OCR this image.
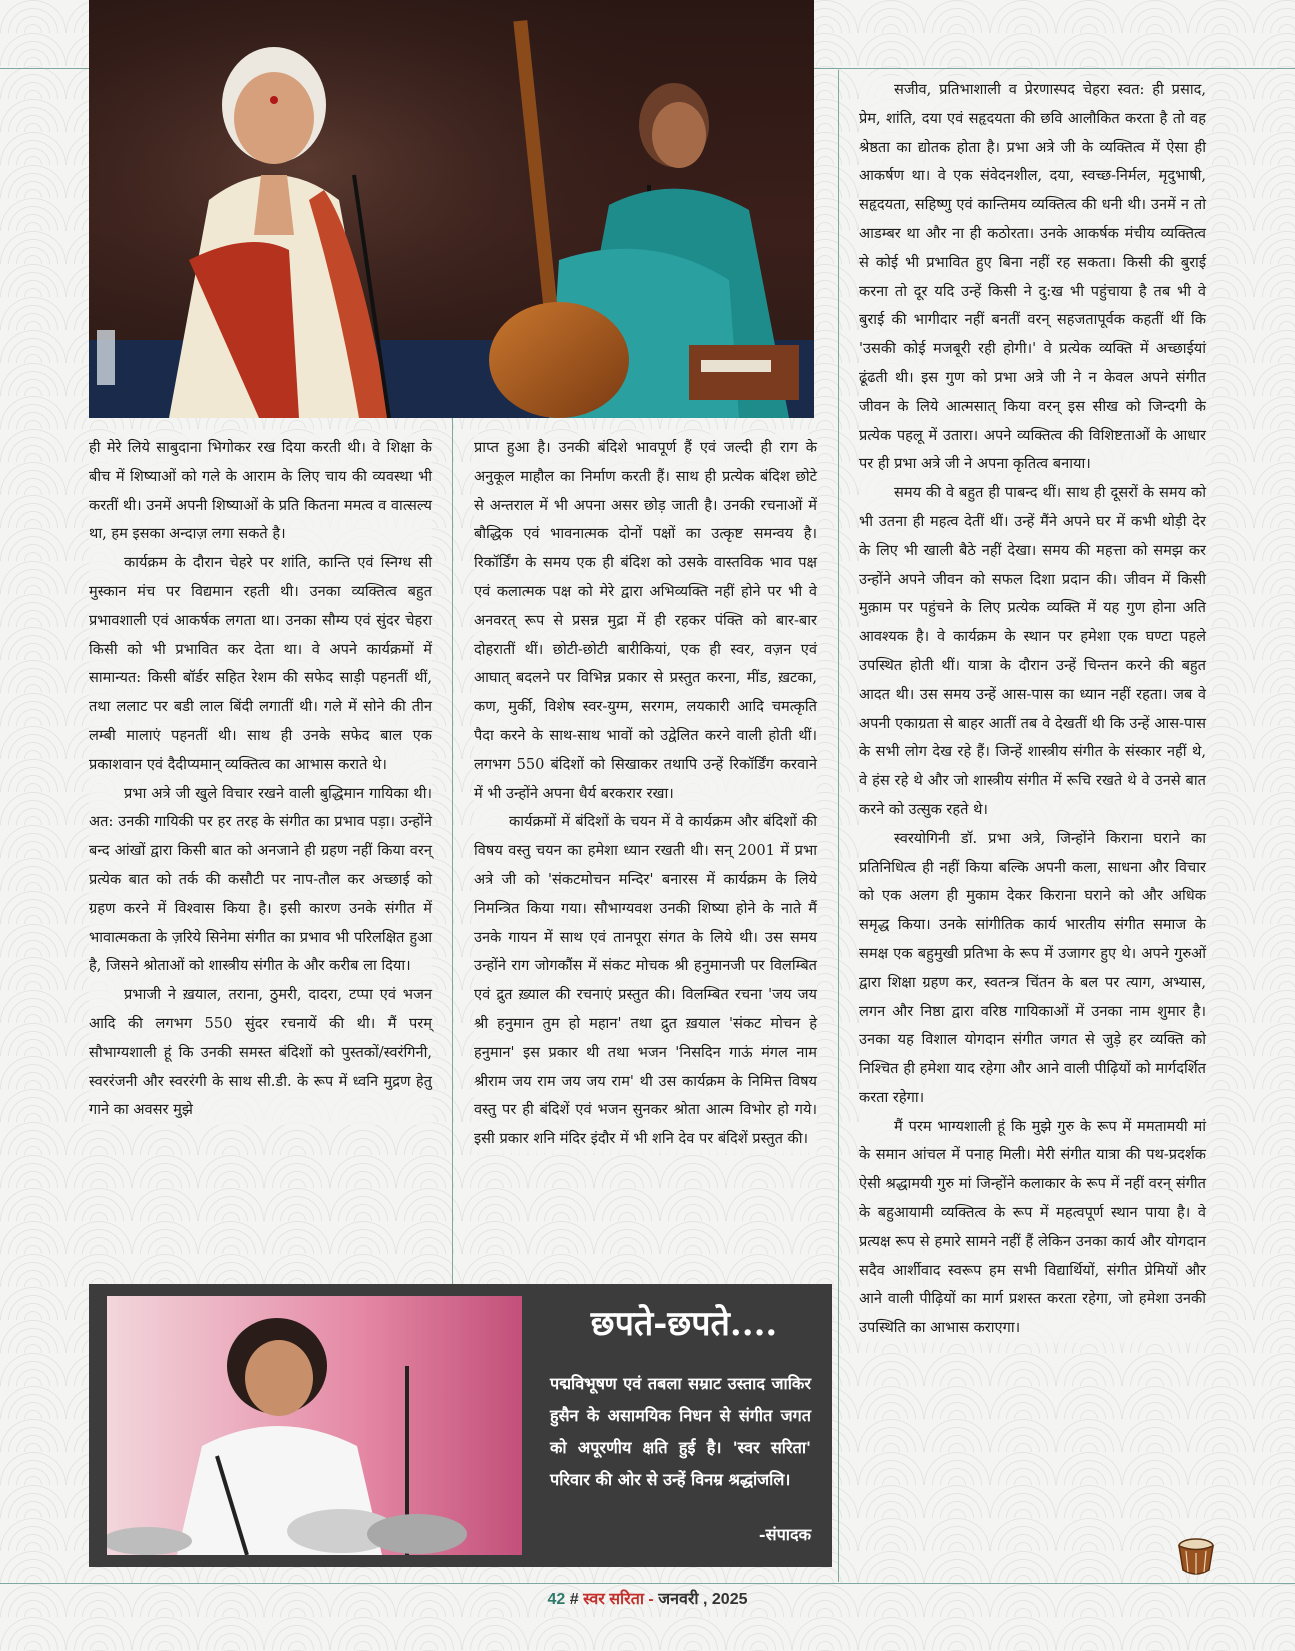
ही मेरे लिये साबुदाना भिगोकर रख दिया करती थी। वे शिक्षा के बीच में शिष्याओं को गले के आराम के लिए चाय की व्यवस्था भी करतीं थी। उनमें अपनी शिष्याओं के प्रति कितना ममत्व व वात्सल्य था, हम इसका अन्दाज़ लगा सकते है।

कार्यक्रम के दौरान चेहरे पर शांति, कान्ति एवं स्निग्ध सी मुस्कान मंच पर विद्यमान रहती थी। उनका व्यक्तित्व बहुत प्रभावशाली एवं आकर्षक लगता था। उनका सौम्य एवं सुंदर चेहरा किसी को भी प्रभावित कर देता था। वे अपने कार्यक्रमों में सामान्यत: किसी बॉर्डर सहित रेशम की सफेद साड़ी पहनतीं थीं, तथा ललाट पर बडी लाल बिंदी लगातीं थी। गले में सोने की तीन लम्बी मालाएं पहनतीं थी। साथ ही उनके सफेद बाल एक प्रकाशवान एवं दैदीप्यमान् व्यक्तित्व का आभास कराते थे।

प्रभा अत्रे जी खुले विचार रखने वाली बुद्धिमान गायिका थी। अत: उनकी गायिकी पर हर तरह के संगीत का प्रभाव पड़ा। उन्होंने बन्द आंखों द्वारा किसी बात को अनजाने ही ग्रहण नहीं किया वरन् प्रत्येक बात को तर्क की कसौटी पर नाप-तौल कर अच्छाई को ग्रहण करने में विश्वास किया है। इसी कारण उनके संगीत में भावात्मकता के ज़रिये सिनेमा संगीत का प्रभाव भी परिलक्षित हुआ है, जिसने श्रोताओं को शास्त्रीय संगीत के और करीब ला दिया।

प्रभाजी ने ख़याल, तराना, ठुमरी, दादरा, टप्पा एवं भजन आदि की लगभग 550 सुंदर रचनायें की थी। मैं परम् सौभाग्यशाली हूं कि उनकी समस्त बंदिशों को पुस्तकों/स्वरंगिनी, स्वररंजनी और स्वररंगी के साथ सी.डी. के रूप में ध्वनि मुद्रण हेतु गाने का अवसर मुझे

प्राप्त हुआ है। उनकी बंदिशे भावपूर्ण हैं एवं जल्दी ही राग के अनुकूल माहौल का निर्माण करती हैं। साथ ही प्रत्येक बंदिश छोटे से अन्तराल में भी अपना असर छोड़ जाती है। उनकी रचनाओं में बौद्धिक एवं भावनात्मक दोनों पक्षों का उत्कृष्ट समन्वय है। रिकॉर्डिंग के समय एक ही बंदिश को उसके वास्तविक भाव पक्ष एवं कलात्मक पक्ष को मेरे द्वारा अभिव्यक्ति नहीं होने पर भी वे अनवरत् रूप से प्रसन्न मुद्रा में ही रहकर पंक्ति को बार-बार दोहरातीं थीं। छोटी-छोटी बारीकियां, एक ही स्वर, वज़न एवं आघात् बदलने पर विभिन्न प्रकार से प्रस्तुत करना, मींड, ख़टका, कण, मुर्की, विशेष स्वर-युग्म, सरगम, लयकारी आदि चमत्कृति पैदा करने के साथ-साथ भावों को उद्वेलित करने वाली होती थीं। लगभग 550 बंदिशों को सिखाकर तथापि उन्हें रिकॉर्डिंग करवाने में भी उन्होंने अपना धैर्य बरकरार रखा।

कार्यक्रमों में बंदिशों के चयन में वे कार्यक्रम और बंदिशों की विषय वस्तु चयन का हमेशा ध्यान रखती थी। सन् 2001 में प्रभा अत्रे जी को 'संकटमोचन मन्दिर' बनारस में कार्यक्रम के लिये निमन्त्रित किया गया। सौभाग्यवश उनकी शिष्या होने के नाते मैं उनके गायन में साथ एवं तानपूरा संगत के लिये थी। उस समय उन्होंने राग जोगकौंस में संकट मोचक श्री हनुमानजी पर विलम्बित एवं द्रुत ख़्याल की रचनाएं प्रस्तुत की। विलम्बित रचना 'जय जय श्री हनुमान तुम हो महान' तथा द्रुत ख़याल 'संकट मोचन हे हनुमान' इस प्रकार थी तथा भजन 'निसदिन गाऊं मंगल नाम श्रीराम जय राम जय जय राम' थी उस कार्यक्रम के निमित्त विषय वस्तु पर ही बंदिशें एवं भजन सुनकर श्रोता आत्म विभोर हो गये। इसी प्रकार शनि मंदिर इंदौर में भी शनि देव पर बंदिशें प्रस्तुत की।

सजीव, प्रतिभाशाली व प्रेरणास्पद चेहरा स्वत: ही प्रसाद, प्रेम, शांति, दया एवं सहृदयता की छवि आलौकित करता है तो वह श्रेष्ठता का द्योतक होता है। प्रभा अत्रे जी के व्यक्तित्व में ऐसा ही आकर्षण था। वे एक संवेदनशील, दया, स्वच्छ-निर्मल, मृदुभाषी, सहृदयता, सहिष्णु एवं कान्तिमय व्यक्तित्व की धनी थी। उनमें न तो आडम्बर था और ना ही कठोरता। उनके आकर्षक मंचीय व्यक्तित्व से कोई भी प्रभावित हुए बिना नहीं रह सकता। किसी की बुराई करना तो दूर यदि उन्हें किसी ने दु:ख भी पहुंचाया है तब भी वे बुराई की भागीदार नहीं बनतीं वरन् सहजतापूर्वक कहतीं थीं कि 'उसकी कोई मजबूरी रही होगी।' वे प्रत्येक व्यक्ति में अच्छाईयां ढूंढती थी। इस गुण को प्रभा अत्रे जी ने न केवल अपने संगीत जीवन के लिये आत्मसात् किया वरन् इस सीख को जिन्दगी के प्रत्येक पहलू में उतारा। अपने व्यक्तित्व की विशिष्टताओं के आधार पर ही प्रभा अत्रे जी ने अपना कृतित्व बनाया।

समय की वे बहुत ही पाबन्द थीं। साथ ही दूसरों के समय को भी उतना ही महत्व देतीं थीं। उन्हें मैंने अपने घर में कभी थोड़ी देर के लिए भी खाली बैठे नहीं देखा। समय की महत्ता को समझ कर उन्होंने अपने जीवन को सफल दिशा प्रदान की। जीवन में किसी मुक़ाम पर पहुंचने के लिए प्रत्येक व्यक्ति में यह गुण होना अति आवश्यक है। वे कार्यक्रम के स्थान पर हमेशा एक घण्टा पहले उपस्थित होती थीं। यात्रा के दौरान उन्हें चिन्तन करने की बहुत आदत थी। उस समय उन्हें आस-पास का ध्यान नहीं रहता। जब वे अपनी एकाग्रता से बाहर आतीं तब वे देखतीं थी कि उन्हें आस-पास के सभी लोग देख रहे हैं। जिन्हें शास्त्रीय संगीत के संस्कार नहीं थे, वे हंस रहे थे और जो शास्त्रीय संगीत में रूचि रखते थे वे उनसे बात करने को उत्सुक रहते थे।

स्वरयोगिनी डॉ. प्रभा अत्रे, जिन्होंने किराना घराने का प्रतिनिधित्व ही नहीं किया बल्कि अपनी कला, साधना और विचार को एक अलग ही मुकाम देकर किराना घराने को और अधिक समृद्ध किया। उनके सांगीतिक कार्य भारतीय संगीत समाज के समक्ष एक बहुमुखी प्रतिभा के रूप में उजागर हुए थे। अपने गुरुओं द्वारा शिक्षा ग्रहण कर, स्वतन्त्र चिंतन के बल पर त्याग, अभ्यास, लगन और निष्ठा द्वारा वरिष्ठ गायिकाओं में उनका नाम शुमार है। उनका यह विशाल योगदान संगीत जगत से जुड़े हर व्यक्ति को निश्चित ही हमेशा याद रहेगा और आने वाली पीढ़ियों को मार्गदर्शित करता रहेगा।

मैं परम भाग्यशाली हूं कि मुझे गुरु के रूप में ममतामयी मां के समान आंचल में पनाह मिली। मेरी संगीत यात्रा की पथ-प्रदर्शक ऐसी श्रद्धामयी गुरु मां जिन्होंने कलाकार के रूप में नहीं वरन् संगीत के बहुआयामी व्यक्तित्व के रूप में महत्वपूर्ण स्थान पाया है। वे प्रत्यक्ष रूप से हमारे सामने नहीं हैं लेकिन उनका कार्य और योगदान सदैव आर्शीवाद स्वरूप हम सभी विद्यार्थियों, संगीत प्रेमियों और आने वाली पीढ़ियों का मार्ग प्रशस्त करता रहेगा, जो हमेशा उनकी उपस्थिति का आभास कराएगा।

छपते-छपते....
पद्मविभूषण एवं तबला सम्राट उस्ताद जाकिर हुसैन के असामयिक निधन से संगीत जगत को अपूरणीय क्षति हुई है। 'स्वर सरिता' परिवार की ओर से उन्हें विनम्र श्रद्धांजलि।
-संपादक
42 # स्वर सरिता - जनवरी , 2025
